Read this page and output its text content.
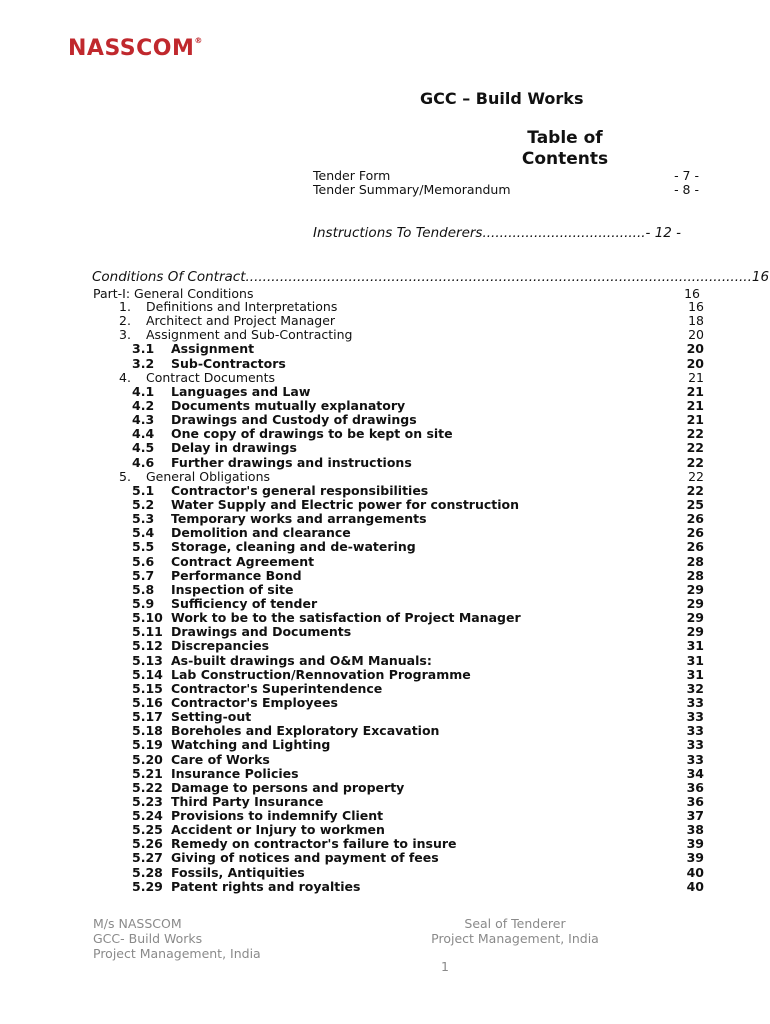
NASSCOM®
GCC – Build Works
Table of
Contents
Tender Form	- 7 -
Tender Summary/Memorandum	- 8 -
Instructions To Tenderers......................................- 12 -
Conditions Of Contract ...................................................................................................................... 16
Part-I: General Conditions	16
1. Definitions and Interpretations	16
2. Architect and Project Manager	18
3. Assignment and Sub-Contracting	20
3.1 Assignment	20
3.2 Sub-Contractors	20
4. Contract Documents	21
4.1 Languages and Law	21
4.2 Documents mutually explanatory	21
4.3 Drawings and Custody of drawings	21
4.4 One copy of drawings to be kept on site	22
4.5 Delay in drawings	22
4.6 Further drawings and instructions	22
5. General Obligations	22
5.1 Contractor's general responsibilities	22
5.2 Water Supply and Electric power for construction	25
5.3 Temporary works and arrangements	26
5.4 Demolition and clearance	26
5.5 Storage, cleaning and de-watering	26
5.6 Contract Agreement	28
5.7 Performance Bond	28
5.8 Inspection of site	29
5.9 Sufficiency of tender	29
5.10 Work to be to the satisfaction of Project Manager	29
5.11 Drawings and Documents	29
5.12 Discrepancies	31
5.13 As-built drawings and O&M Manuals:	31
5.14 Lab Construction/Rennovation Programme	31
5.15 Contractor's Superintendence	32
5.16 Contractor's Employees	33
5.17 Setting-out	33
5.18 Boreholes and Exploratory Excavation	33
5.19 Watching and Lighting	33
5.20 Care of Works	33
5.21 Insurance Policies	34
5.22 Damage to persons and property	36
5.23 Third Party Insurance	36
5.24 Provisions to indemnify Client	37
5.25 Accident or Injury to workmen	38
5.26 Remedy on contractor's failure to insure	39
5.27 Giving of notices and payment of fees	39
5.28 Fossils, Antiquities	40
5.29 Patent rights and royalties	40
M/s NASSCOM
GCC- Build Works
Project Management, India
Seal of Tenderer
Project Management, India
1
